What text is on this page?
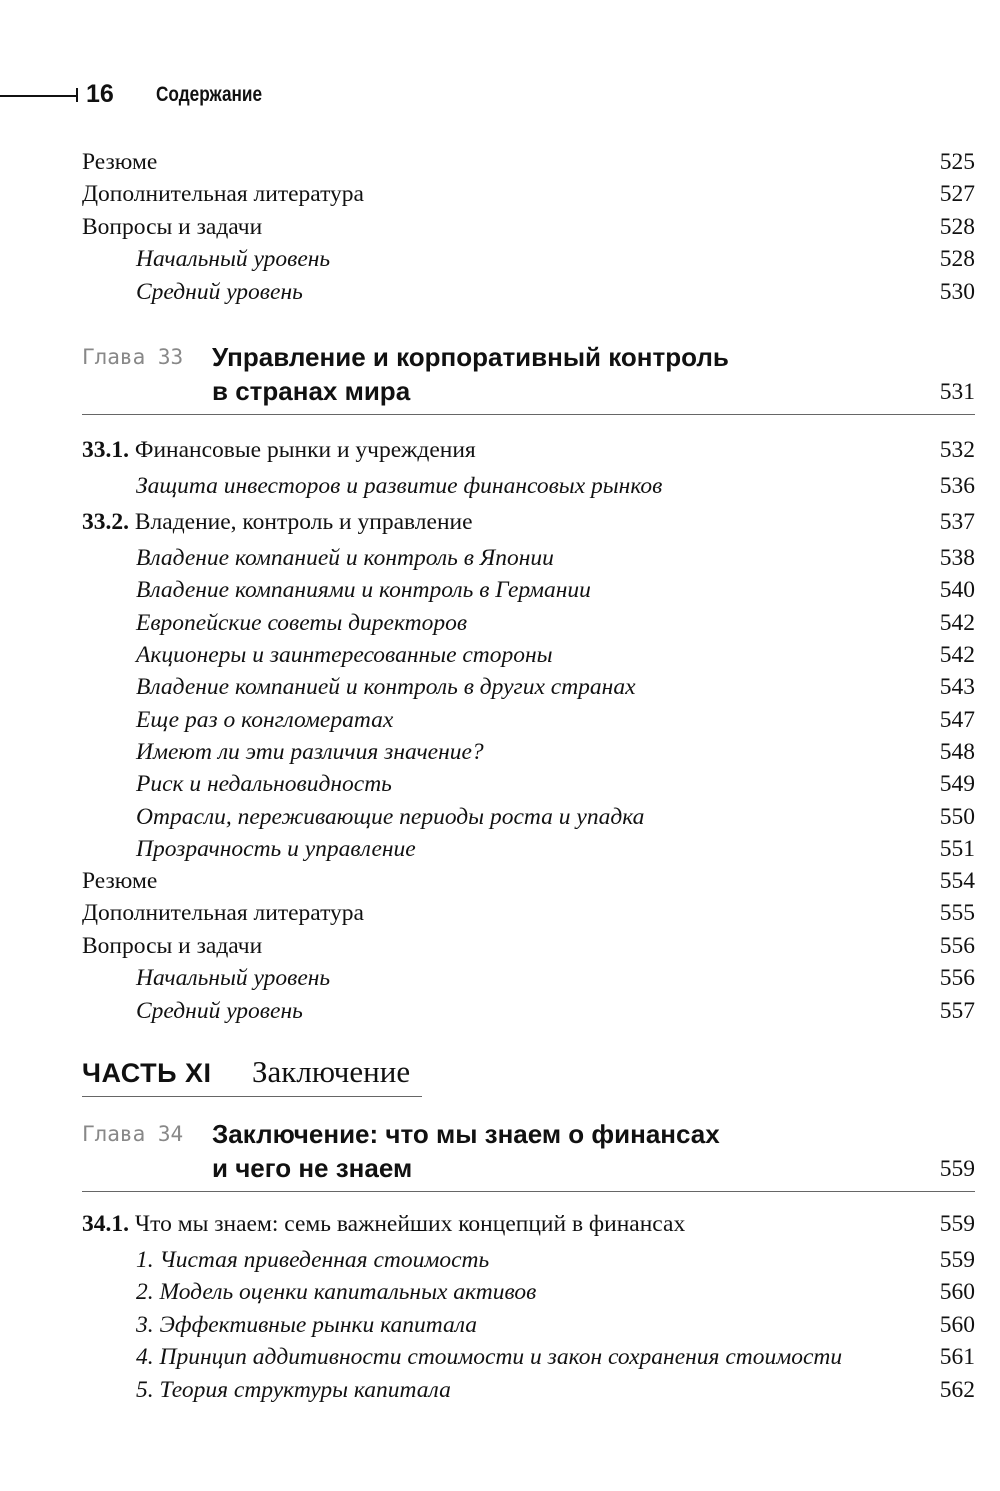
16 Содержание
Резюме	525
Дополнительная литература	527
Вопросы и задачи	528
Начальный уровень	528
Средний уровень	530
Глава 33 Управление и корпоративный контроль
в странах мира	531
33.1. Финансовые рынки и учреждения	532
Защита инвесторов и развитие финансовых рынков	536
33.2. Владение, контроль и управление	537
Владение компанией и контроль в Японии	538
Владение компаниями и контроль в Германии	540
Европейские советы директоров	542
Акционеры и заинтересованные стороны	542
Владение компанией и контроль в других странах	543
Еще раз о конгломератах	547
Имеют ли эти различия значение?	548
Риск и недальновидность	549
Отрасли, переживающие периоды роста и упадка	550
Прозрачность и управление	551
Резюме	554
Дополнительная литература	555
Вопросы и задачи	556
Начальный уровень	556
Средний уровень	557
ЧАСТЬ XI Заключение
Глава 34 Заключение: что мы знаем о финансах
и чего не знаем	559
34.1. Что мы знаем: семь важнейших концепций в финансах	559
1. Чистая приведенная стоимость	559
2. Модель оценки капитальных активов	560
3. Эффективные рынки капитала	560
4. Принцип аддитивности стоимости и закон сохранения стоимости	561
5. Теория структуры капитала	562
